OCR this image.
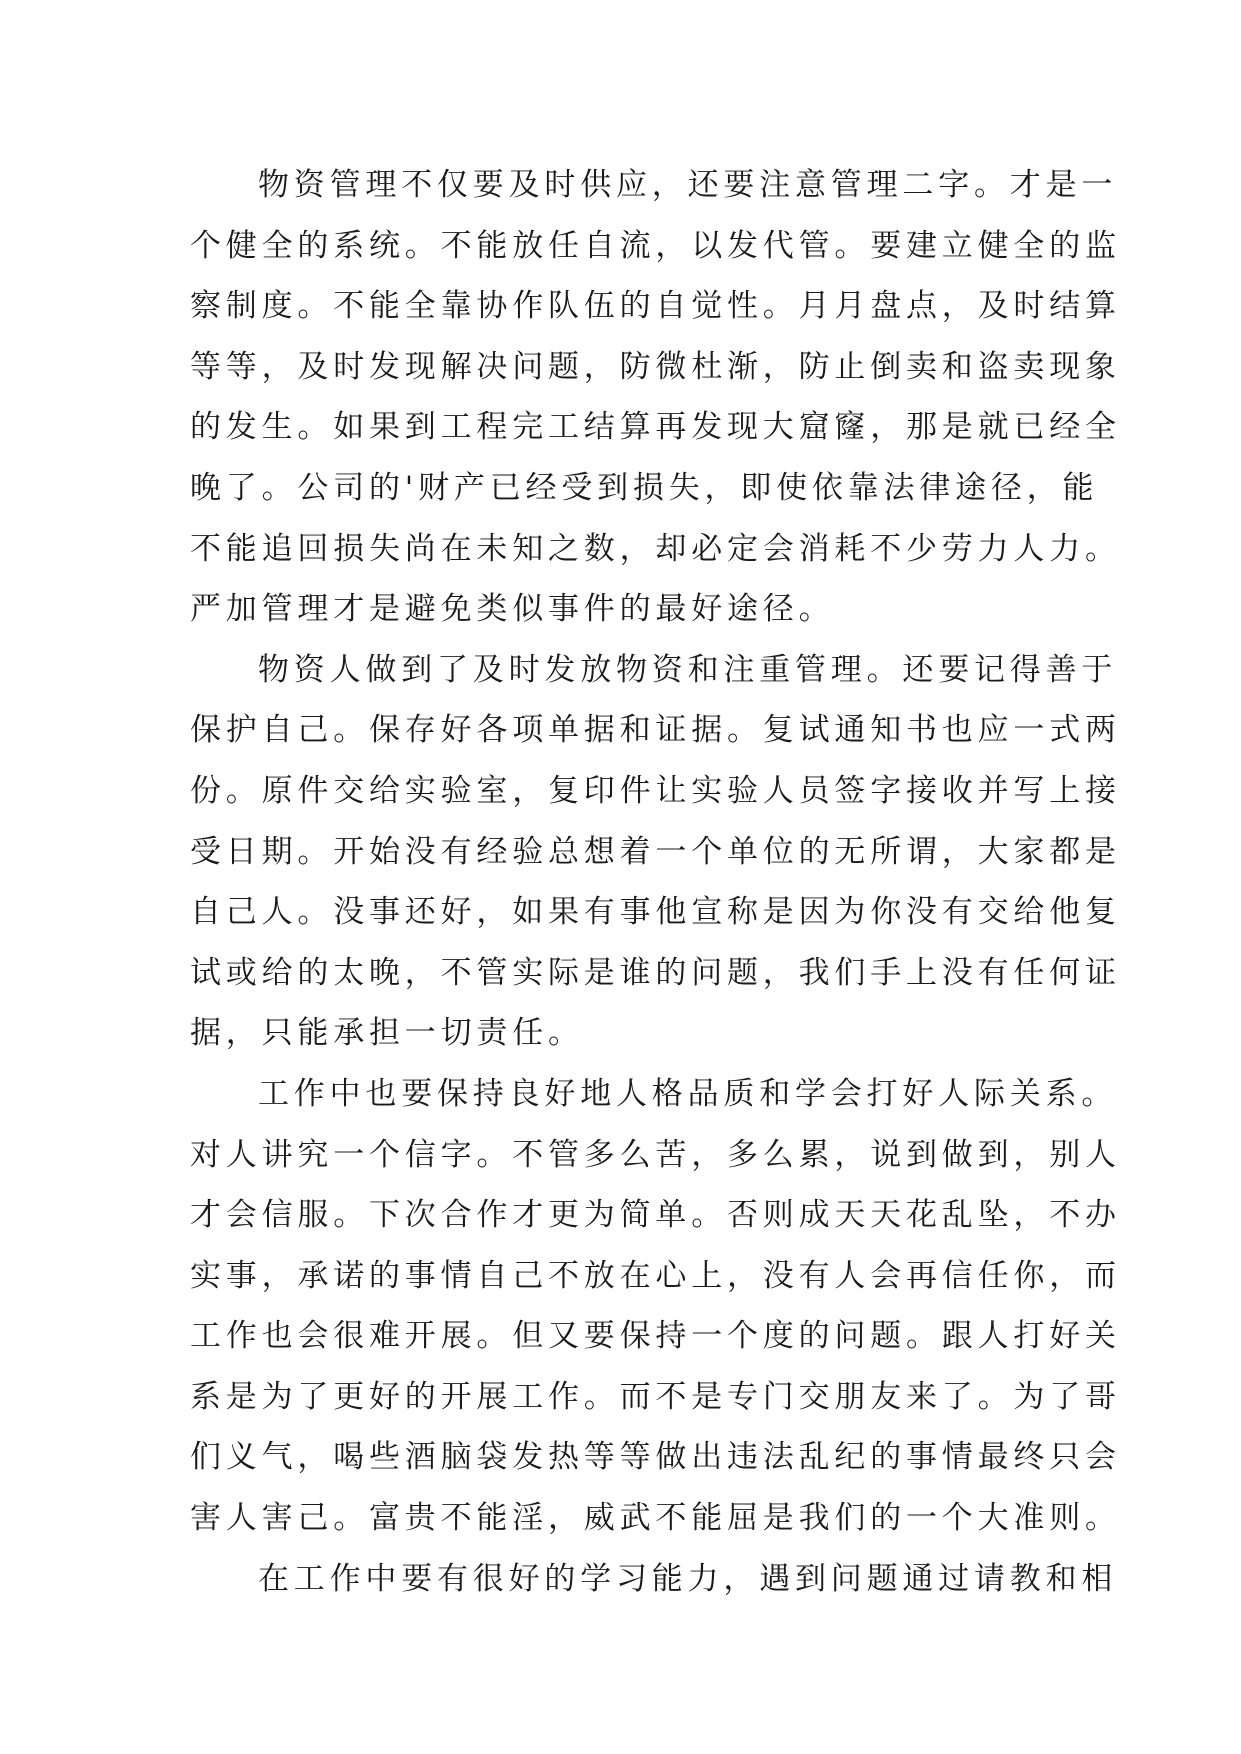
物资管理不仅要及时供应，还要注意管理二字。才是一
个健全的系统。不能放任自流，以发代管。要建立健全的监
察制度。不能全靠协作队伍的自觉性。月月盘点，及时结算
等等，及时发现解决问题，防微杜渐，防止倒卖和盗卖现象
的发生。如果到工程完工结算再发现大窟窿，那是就已经全
晚了。公司的'财产已经受到损失，即使依靠法律途径，能
不能追回损失尚在未知之数，却必定会消耗不少劳力人力。
严加管理才是避免类似事件的最好途径。
物资人做到了及时发放物资和注重管理。还要记得善于
保护自己。保存好各项单据和证据。复试通知书也应一式两
份。原件交给实验室，复印件让实验人员签字接收并写上接
受日期。开始没有经验总想着一个单位的无所谓，大家都是
自己人。没事还好，如果有事他宣称是因为你没有交给他复
试或给的太晚，不管实际是谁的问题，我们手上没有任何证
据，只能承担一切责任。
工作中也要保持良好地人格品质和学会打好人际关系。
对人讲究一个信字。不管多么苦，多么累，说到做到，别人
才会信服。下次合作才更为简单。否则成天天花乱坠，不办
实事，承诺的事情自己不放在心上，没有人会再信任你，而
工作也会很难开展。但又要保持一个度的问题。跟人打好关
系是为了更好的开展工作。而不是专门交朋友来了。为了哥
们义气，喝些酒脑袋发热等等做出违法乱纪的事情最终只会
害人害己。富贵不能淫，威武不能屈是我们的一个大准则。
在工作中要有很好的学习能力，遇到问题通过请教和相
